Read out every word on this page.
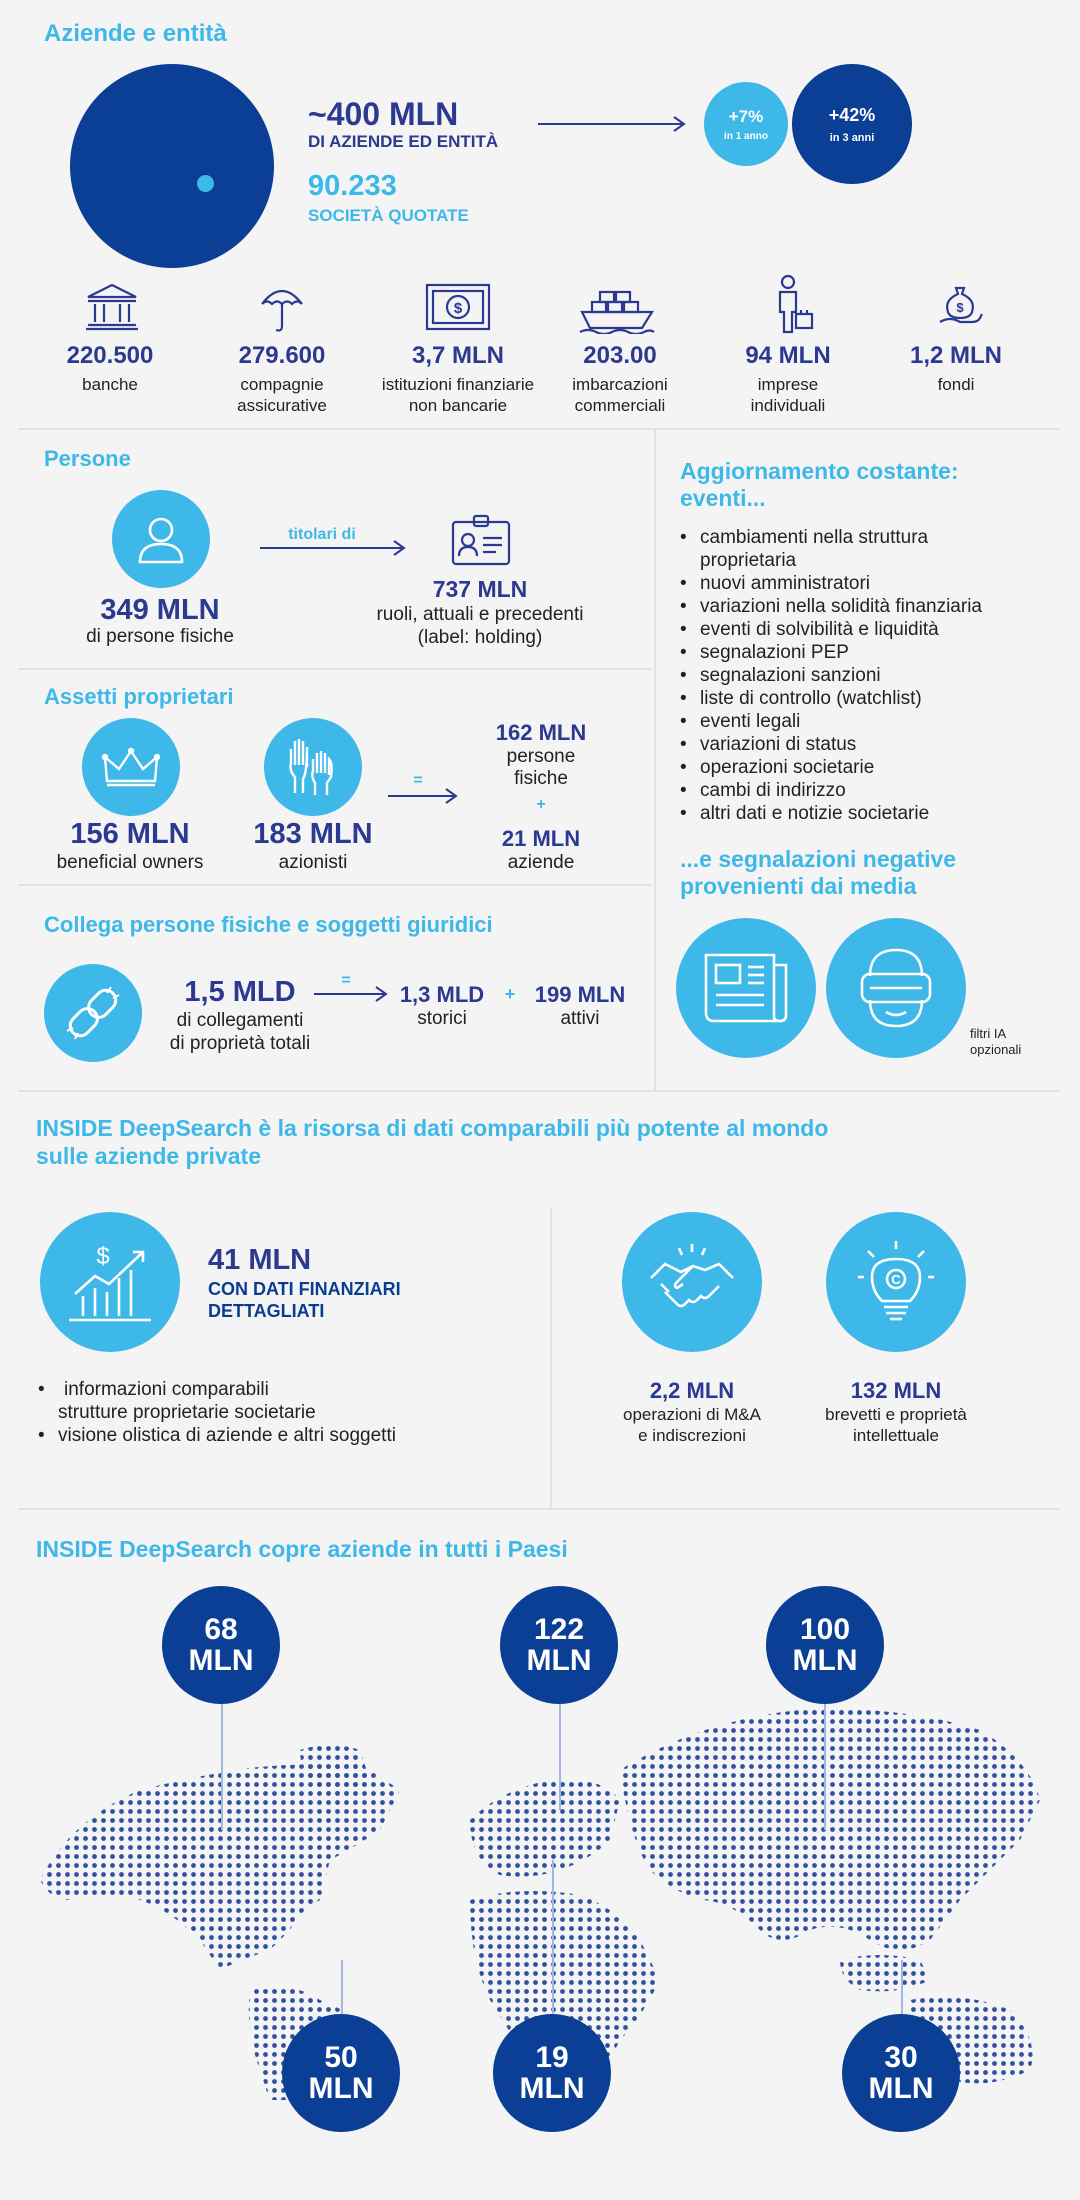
Aziende e entità
~400 MLN
DI AZIENDE ED ENTITÀ
90.233
SOCIETÀ QUOTATE
+7%
in 1 anno
+42%
in 3 anni
$	$
220.500
banche
279.600
compagnie assicurative
3,7 MLN
istituzioni finanziarie non bancarie
203.00
imbarcazioni commerciali
94 MLN
imprese individuali
1,2 MLN
fondi
Persone
349 MLN
di persone fisiche
titolari di
737 MLN
ruoli, attuali e precedenti
(label: holding)
Assetti proprietari
156 MLN
beneficial owners
183 MLN
azionisti
=
162 MLN
persone
fisiche
+
21 MLN
aziende
Collega persone fisiche e soggetti giuridici
1,5 MLD
di collegamenti
di proprietà totali
=
1,3 MLD
storici
+ 199 MLN
attivi
Aggiornamento costante:
eventi...
• cambiamenti nella struttura
proprietaria
• nuovi amministratori
• variazioni nella solidità finanziaria
• eventi di solvibilità e liquidità
• segnalazioni PEP
• segnalazioni sanzioni
• liste di controllo (watchlist)
• eventi legali
• variazioni di status
• operazioni societarie
• cambi di indirizzo
• altri dati e notizie societarie
...e segnalazioni negative
provenienti dai media
filtri IA
opzionali
INSIDE DeepSearch è la risorsa di dati comparabili più potente al mondo
sulle aziende private
$	41 MLN
CON DATI FINANZIARI
DETTAGLIATI
• informazioni comparabili
strutture proprietarie societarie
• visione olistica di aziende e altri soggetti
2,2 MLN
operazioni di M&A
e indiscrezioni
C
132 MLN
brevetti e proprietà
intellettuale
INSIDE DeepSearch copre aziende in tutti i Paesi
68
MLN
122
MLN
100
MLN
50
MLN
19
MLN
30
MLN
